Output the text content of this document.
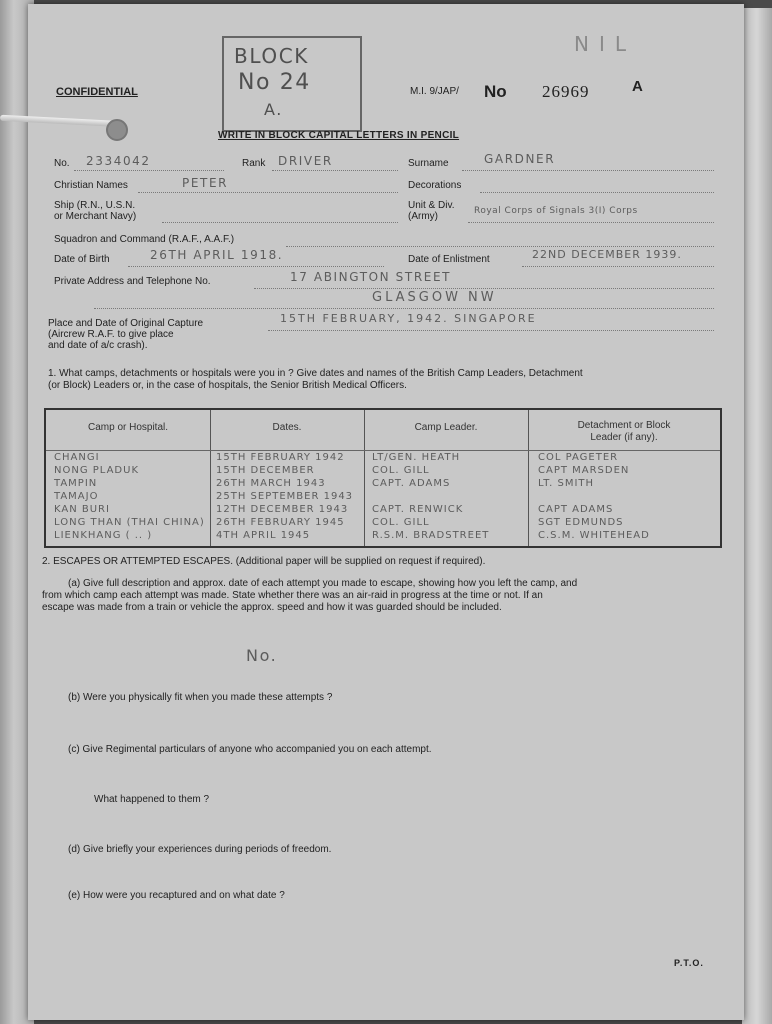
BLOCK
No 24
A.
NIL
CONFIDENTIAL	M.I. 9/JAP/ No 26969	A
WRITE IN BLOCK CAPITAL LETTERS IN PENCIL
No. 2334042	Rank DRIVER	Surname	GARDNER
Christian Names	PETER	Decorations
Ship (R.N., U.S.N.
or Merchant Navy)
Unit & Div.
(Army)	Royal Corps of Signals 3(I) Corps
Squadron and Command (R.A.F., A.A.F.)
Date of Birth	26TH APRIL 1918.	Date of Enlistment	22ND DECEMBER 1939.
Private Address and Telephone No.	17 ABINGTON STREET
GLASGOW NW
Place and Date of Original Capture
(Aircrew R.A.F. to give place
and date of a/c crash).
15TH FEBRUARY, 1942. SINGAPORE
1. What camps, detachments or hospitals were you in ? Give dates and names of the British Camp Leaders, Detachment
(or Block) Leaders or, in the case of hospitals, the Senior British Medical Officers.
Camp or Hospital.	Dates.	Camp Leader.	Detachment or Block
Leader (if any).
CHANGI	15TH FEBRUARY 1942	LT/GEN. HEATH	COL PAGETER
NONG PLADUK	15TH DECEMBER	COL. GILL	CAPT MARSDEN
TAMPIN	26TH MARCH 1943	CAPT. ADAMS	LT. SMITH
TAMAJO	25TH SEPTEMBER 1943
KAN BURI	12TH DECEMBER 1943 CAPT. RENWICK	CAPT ADAMS
LONG THAN (THAI CHINA) 26TH FEBRUARY 1945	COL. GILL	SGT EDMUNDS
LIENKHANG ( .. )	4TH APRIL 1945	R.S.M. BRADSTREET	C.S.M. WHITEHEAD
2. ESCAPES OR ATTEMPTED ESCAPES. (Additional paper will be supplied on request if required).
(a) Give full description and approx. date of each attempt you made to escape, showing how you left the camp, and
from which camp each attempt was made. State whether there was an air-raid in progress at the time or not. If an
escape was made from a train or vehicle the approx. speed and how it was guarded should be included.
No.
(b) Were you physically fit when you made these attempts ?
(c) Give Regimental particulars of anyone who accompanied you on each attempt.
What happened to them ?
(d) Give briefly your experiences during periods of freedom.
(e) How were you recaptured and on what date ?
P.T.O.
